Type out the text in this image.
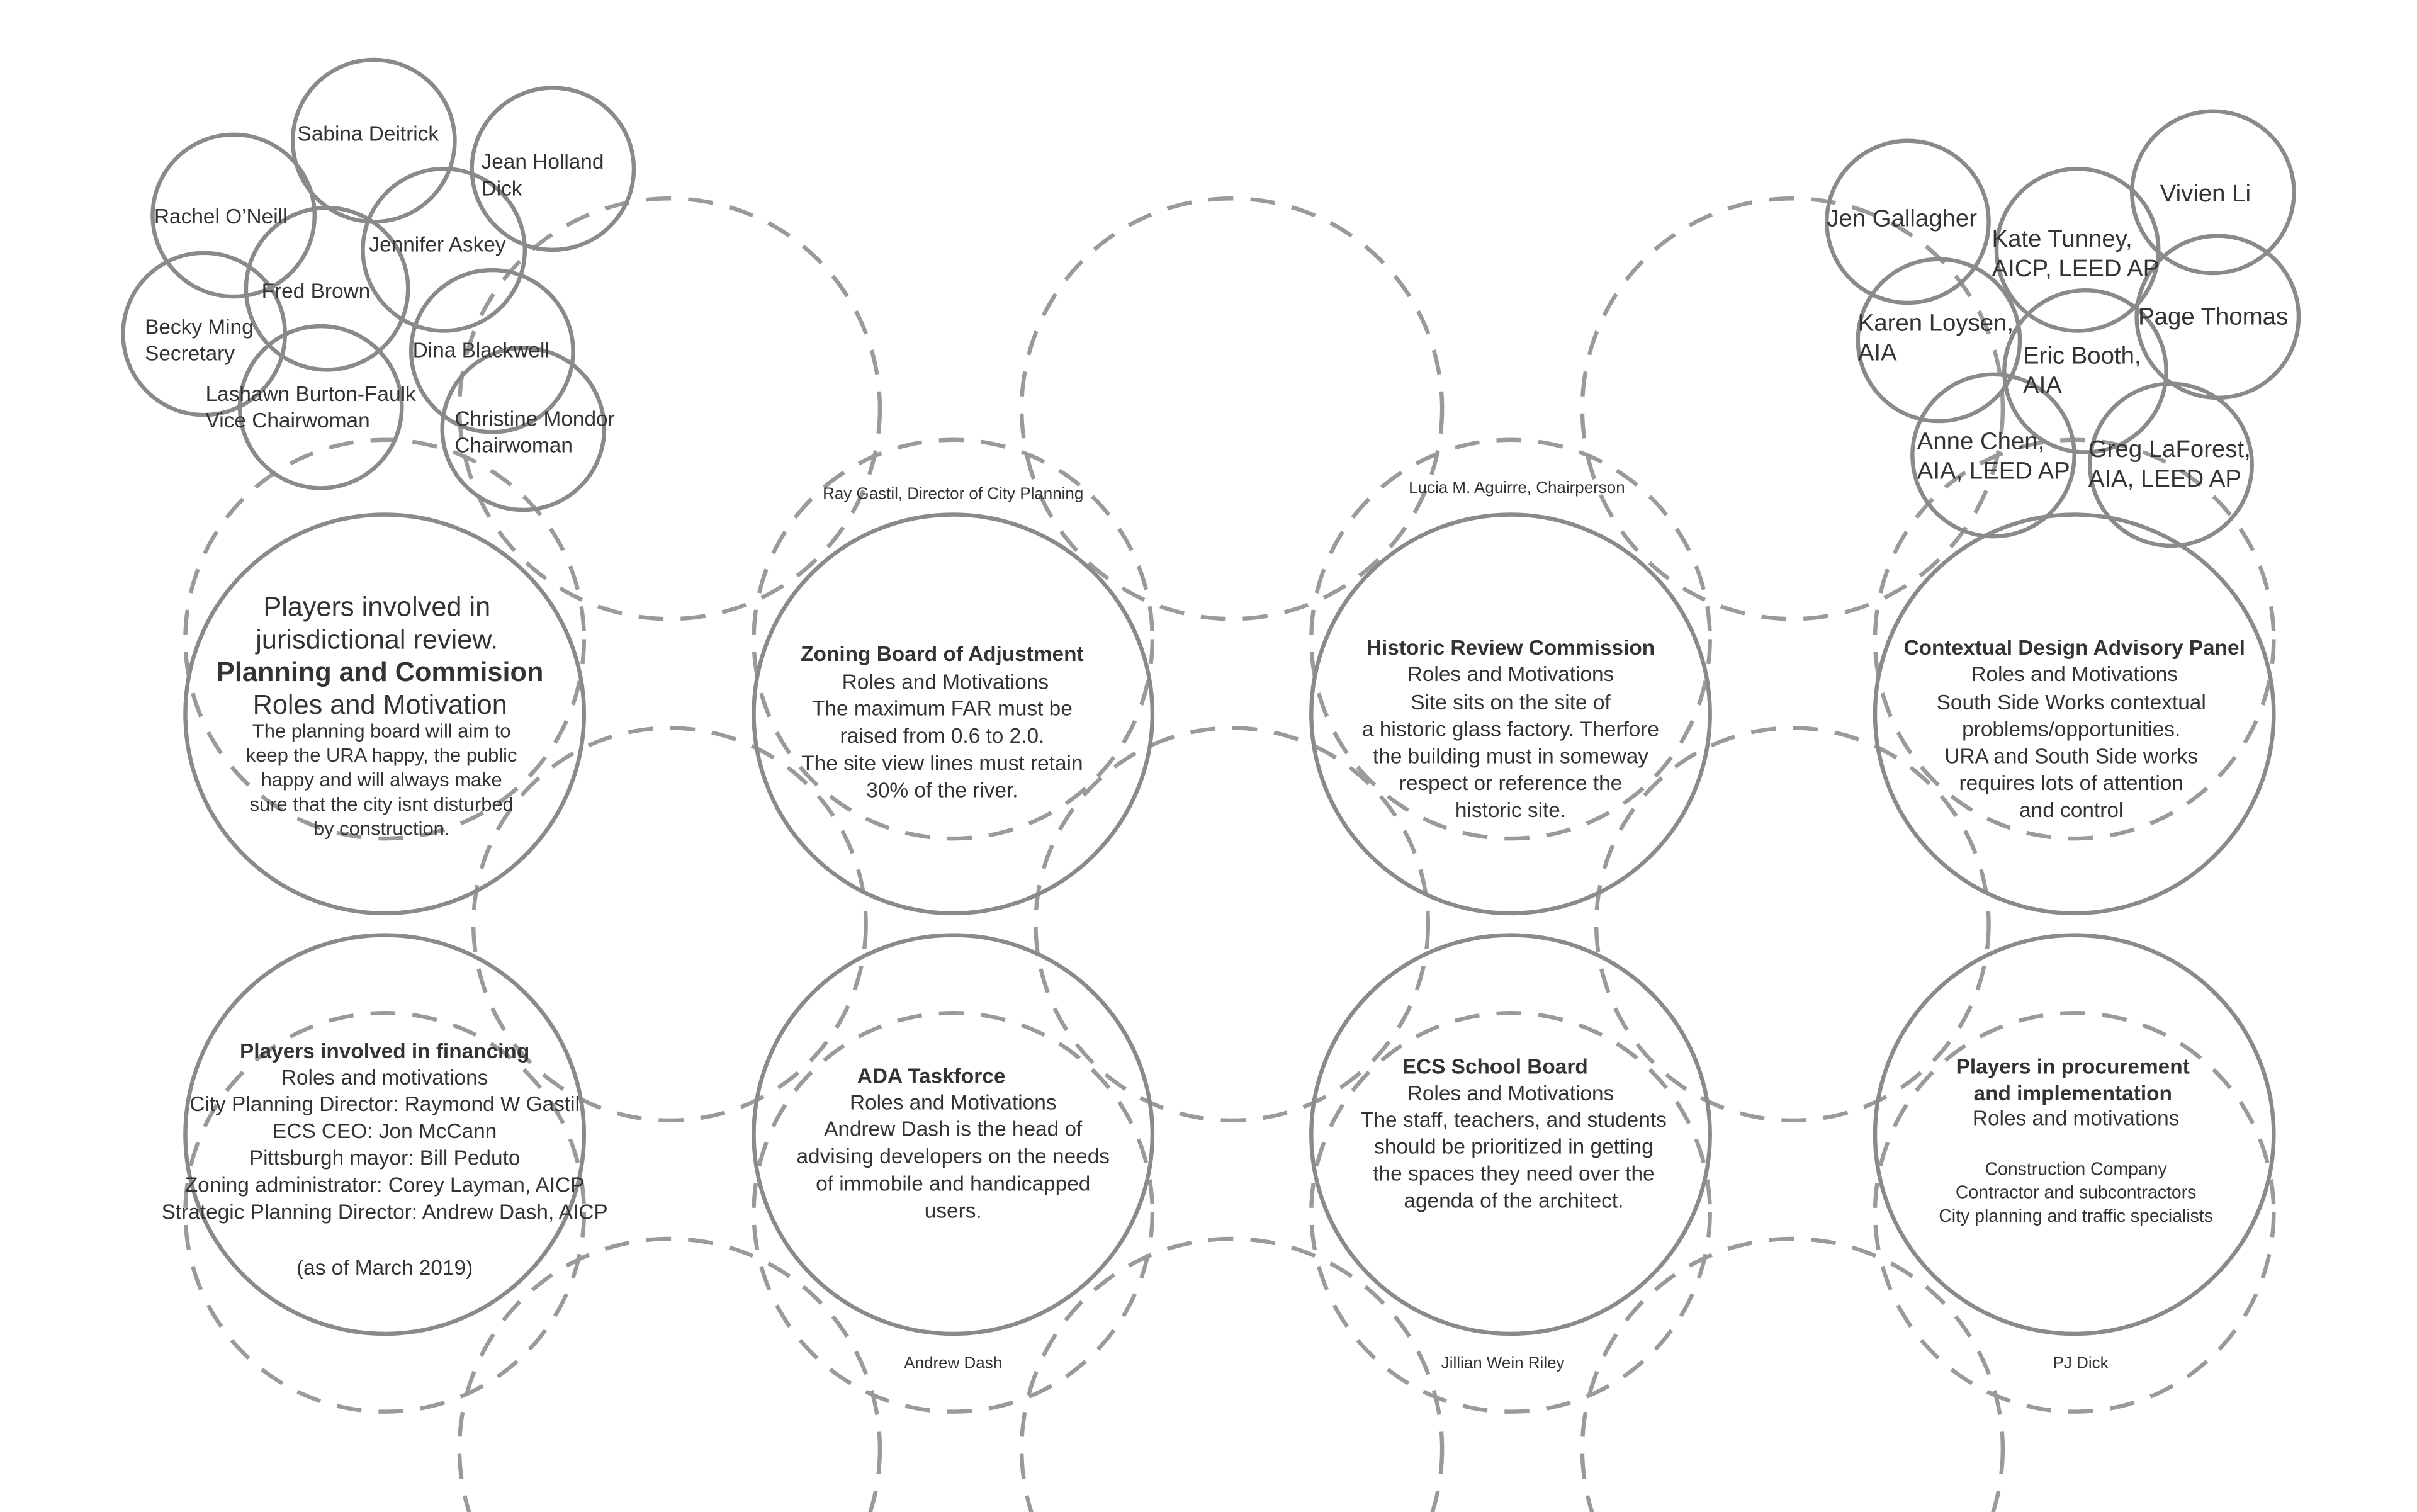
Sabina Deitrick
Jean Holland Dick
Rachel O’Neill
Jennifer Askey
Fred Brown
Becky Ming Secretary	Dina Blackwell
Lashawn Burton-Faulk Vice Chairwoman	Christine Mondor Chairwoman
Jen Gallagher
Vivien Li
Kate Tunney, AICP, LEED AP
Page Thomas
Karen Loysen, AIA	Eric Booth, AIA
Anne Chen, AIA, LEED AP
Greg LaForest, AIA, LEED AP
Ray Gastil, Director of City Planning	Lucia M. Aguirre, Chairperson
Andrew Dash	Jillian Wein Riley	PJ Dick
Players involved in jurisdictional review.
Planning and Commision
Roles and Motivation
The planning board will aim to keep the URA happy, the public happy and will always make sure that the city isnt disturbed by construction.
Zoning Board of Adjustment
Roles and Motivations
The maximum FAR must be raised from 0.6 to 2.0. The site view lines must retain 30% of the river.
Historic Review Commission
Roles and Motivations
Site sits on the site of a historic glass factory. Therfore the building must in someway respect or reference the historic site.
Contextual Design Advisory Panel
Roles and Motivations
South Side Works contextual problems/opportunities. URA and South Side works requires lots of attention and control
Players involved in financing
Roles and motivations
City Planning Director: Raymond W Gastil ECS CEO: Jon McCann Pittsburgh mayor: Bill Peduto Zoning administrator: Corey Layman, AICP Strategic Planning Director: Andrew Dash, AICP
(as of March 2019)
ADA Taskforce
Roles and Motivations
Andrew Dash is the head of advising developers on the needs of immobile and handicapped users.
ECS School Board
Roles and Motivations
The staff, teachers, and students should be prioritized in getting the spaces they need over the agenda of the architect.
Players in procurement and implementation
Roles and motivations
Construction Company Contractor and subcontractors City planning and traffic specialists
